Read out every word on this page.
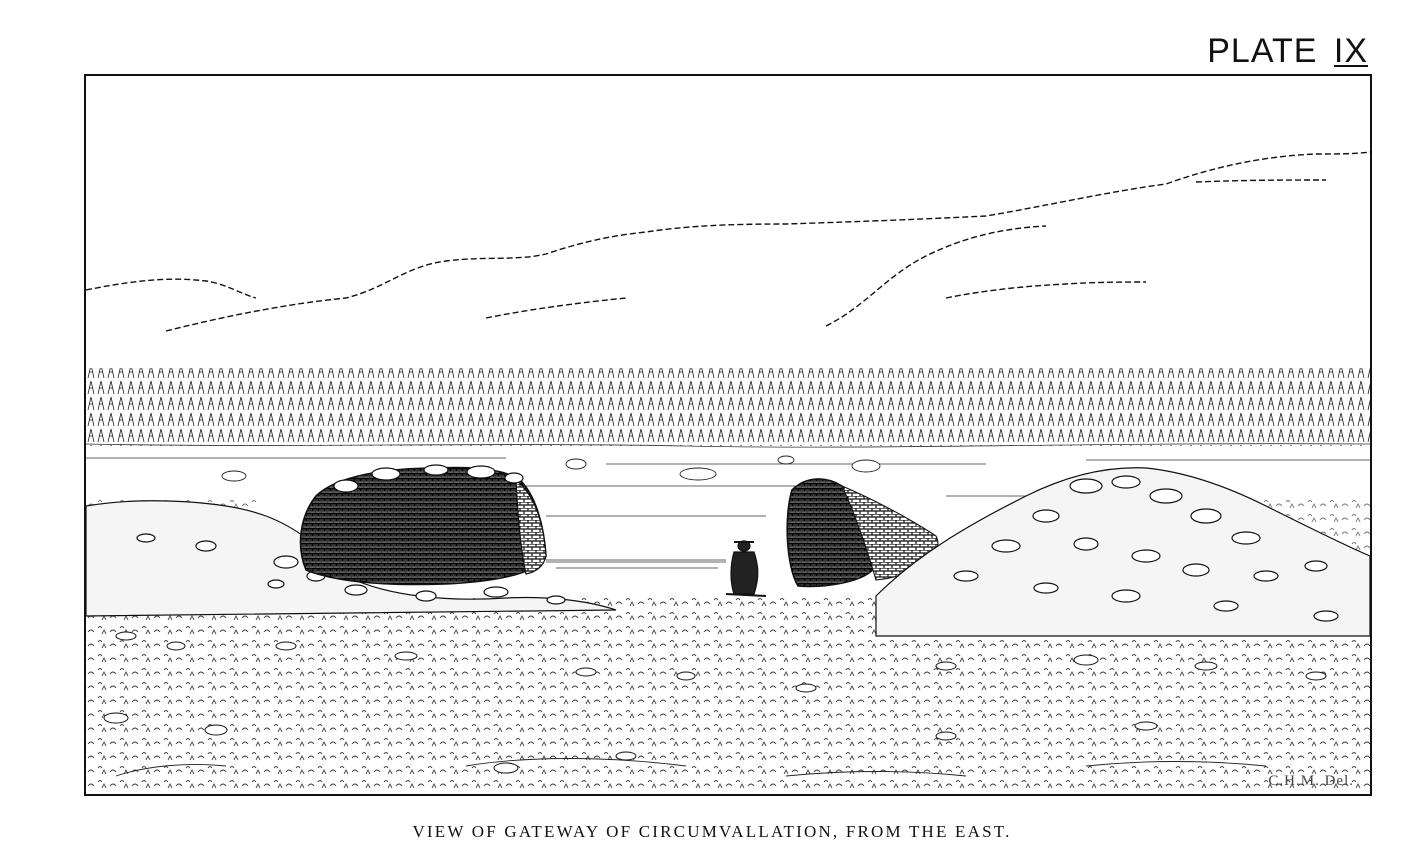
PLATE IX
C.H.M. Del.
VIEW OF GATEWAY OF CIRCUMVALLATION, FROM THE EAST.
